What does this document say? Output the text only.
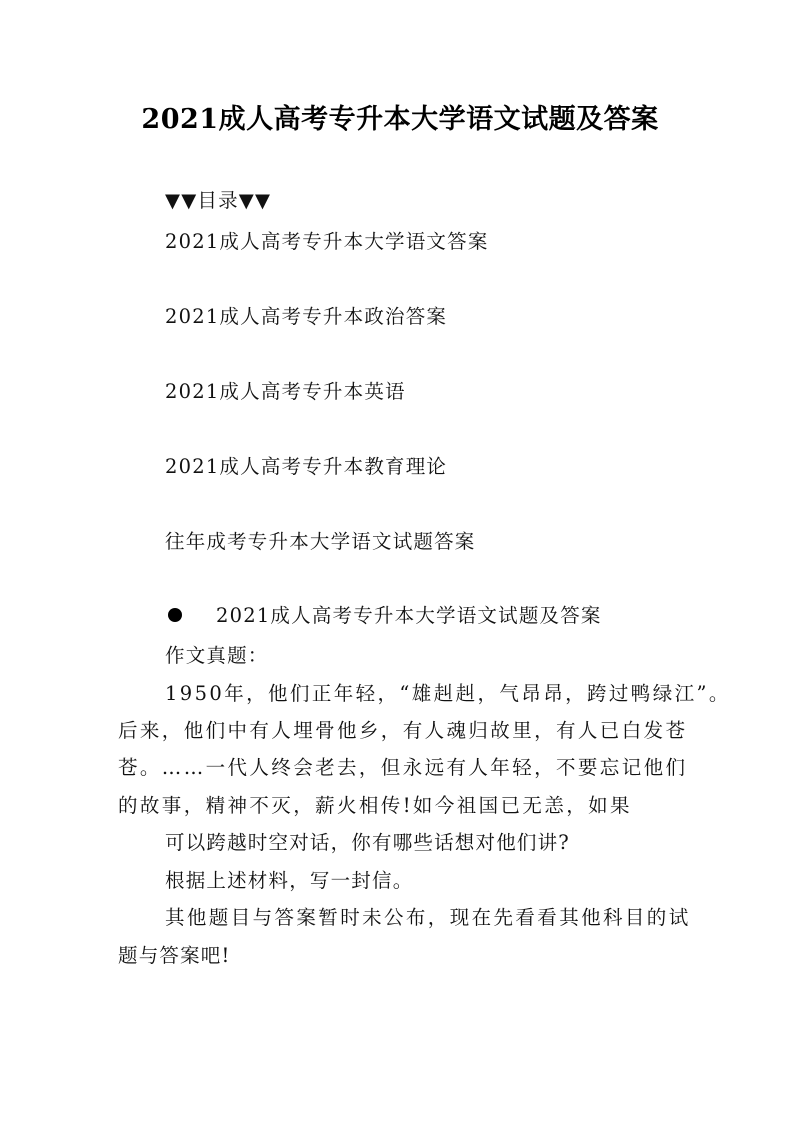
2021成人高考专升本大学语文试题及答案
▼▼目录▼▼
2021成人高考专升本大学语文答案
2021成人高考专升本政治答案
2021成人高考专升本英语
2021成人高考专升本教育理论
往年成考专升本大学语文试题答案
2021成人高考专升本大学语文试题及答案
作文真题：
1950年，他们正年轻，“雄赳赳，气昂昂，跨过鸭绿江”。
后来，他们中有人埋骨他乡，有人魂归故里，有人已白发苍
苍。……一代人终会老去，但永远有人年轻，不要忘记他们
的故事，精神不灭，薪火相传!如今祖国已无恙，如果
可以跨越时空对话，你有哪些话想对他们讲?
根据上述材料，写一封信。
其他题目与答案暂时未公布，现在先看看其他科目的试
题与答案吧!
